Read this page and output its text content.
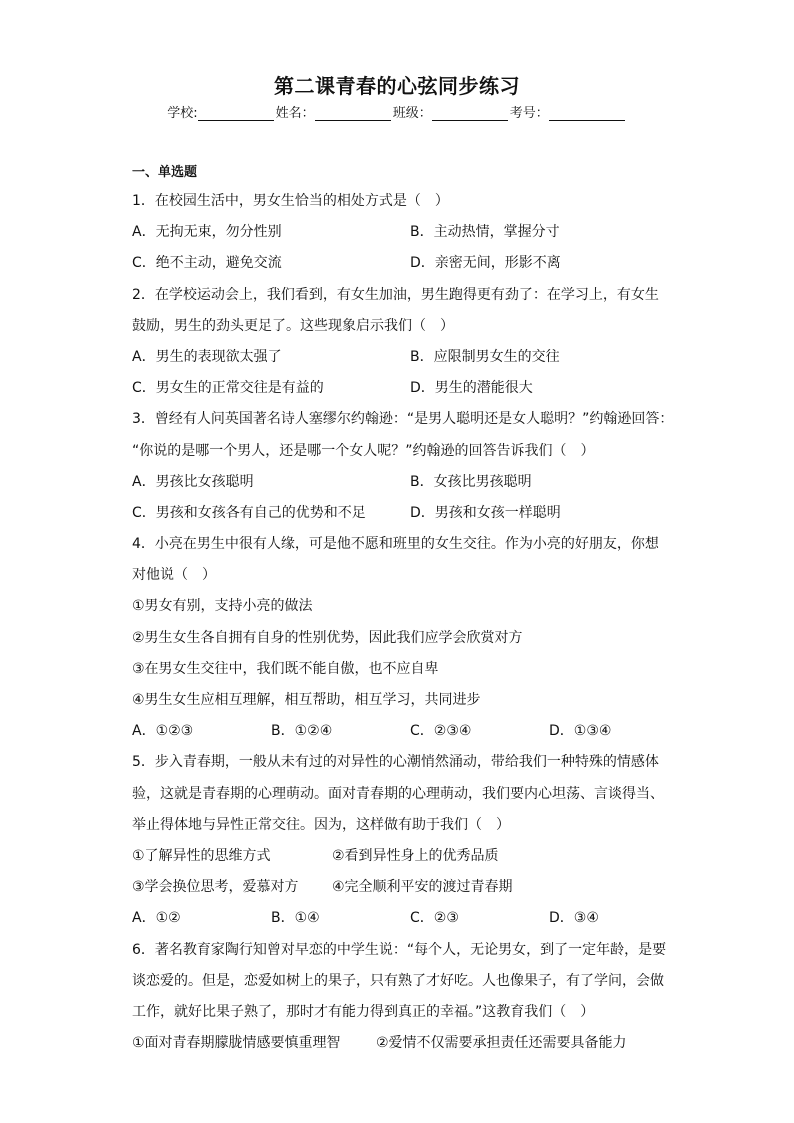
第二课青春的心弦同步练习
学校:	姓名：	班级：	考号：
一、单选题
1．在校园生活中，男女生恰当的相处方式是（　）
A．无拘无束，勿分性别	B．主动热情，掌握分寸
C．绝不主动，避免交流	D．亲密无间，形影不离
2．在学校运动会上，我们看到，有女生加油，男生跑得更有劲了：在学习上，有女生
鼓励，男生的劲头更足了。这些现象启示我们（　）
A．男生的表现欲太强了	B．应限制男女生的交往
C．男女生的正常交往是有益的	D．男生的潜能很大
3．曾经有人问英国著名诗人塞缪尔约翰逊：“是男人聪明还是女人聪明？”约翰逊回答：
“你说的是哪一个男人，还是哪一个女人呢？”约翰逊的回答告诉我们（　）
A．男孩比女孩聪明	B．女孩比男孩聪明
C．男孩和女孩各有自己的优势和不足	D．男孩和女孩一样聪明
4．小亮在男生中很有人缘，可是他不愿和班里的女生交往。作为小亮的好朋友，你想
对他说（　）
①男女有别，支持小亮的做法
②男生女生各自拥有自身的性别优势，因此我们应学会欣赏对方
③在男女生交往中，我们既不能自傲，也不应自卑
④男生女生应相互理解，相互帮助，相互学习，共同进步
A．①②③	B．①②④	C．②③④	D．①③④
5．步入青春期，一般从未有过的对异性的心潮悄然涌动，带给我们一种特殊的情感体
验，这就是青春期的心理萌动。面对青春期的心理萌动，我们要内心坦荡、言谈得当、
举止得体地与异性正常交往。因为，这样做有助于我们（　）
①了解异性的思维方式	②看到异性身上的优秀品质
③学会换位思考，爱慕对方	④完全顺利平安的渡过青春期
A．①②	B．①④	C．②③	D．③④
6．著名教育家陶行知曾对早恋的中学生说：“每个人，无论男女，到了一定年龄，是要
谈恋爱的。但是，恋爱如树上的果子，只有熟了才好吃。人也像果子，有了学问，会做
工作，就好比果子熟了，那时才有能力得到真正的幸福。”这教育我们（　）
①面对青春期朦胧情感要慎重理智	②爱情不仅需要承担责任还需要具备能力
